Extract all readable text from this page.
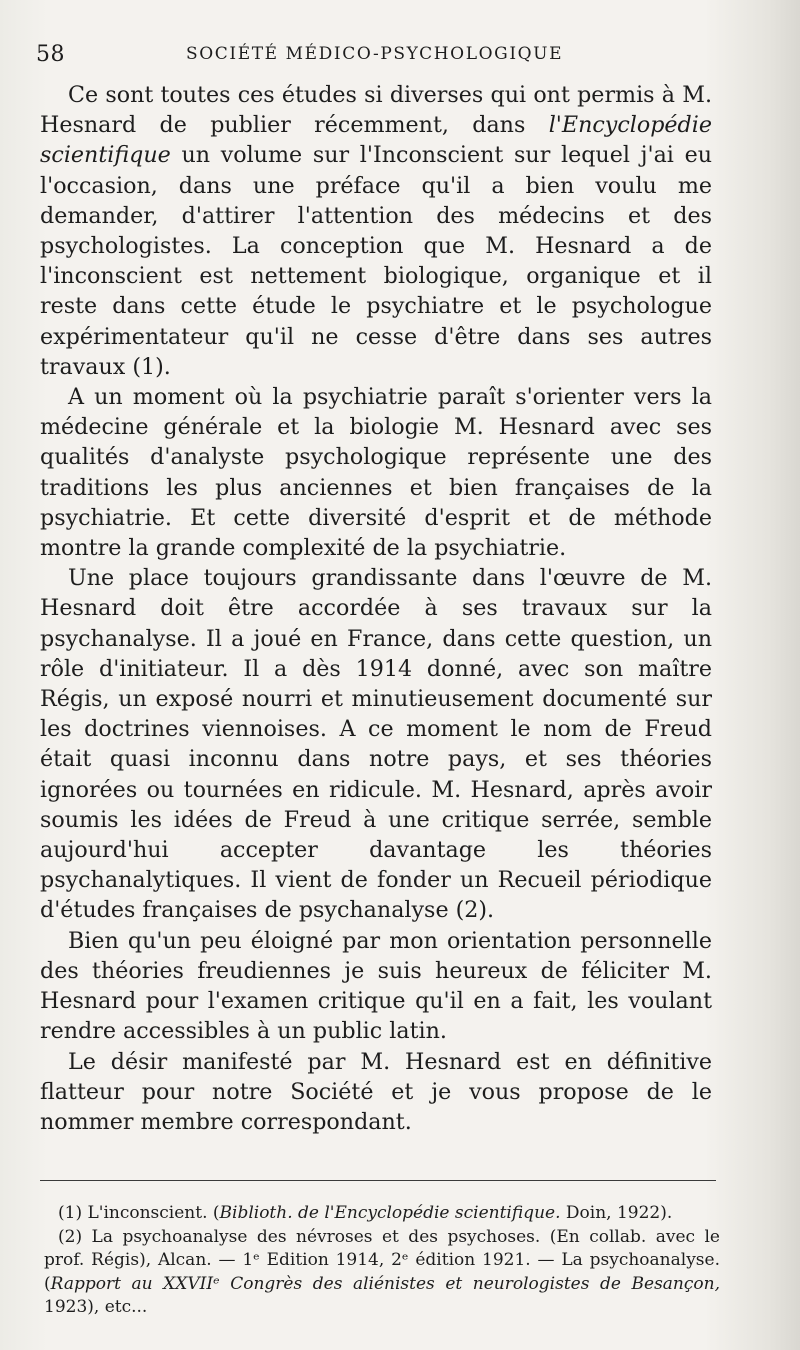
58	SOCIÉTÉ MÉDICO-PSYCHOLOGIQUE

Ce sont toutes ces études si diverses qui ont permis à M. Hesnard de publier récemment, dans l'Encyclopédie scientifique un volume sur l'Inconscient sur lequel j'ai eu l'occasion, dans une préface qu'il a bien voulu me demander, d'attirer l'attention des médecins et des psychologistes. La conception que M. Hesnard a de l'inconscient est nettement biologique, organique et il reste dans cette étude le psychiatre et le psychologue expérimentateur qu'il ne cesse d'être dans ses autres travaux (1).

A un moment où la psychiatrie paraît s'orienter vers la médecine générale et la biologie M. Hesnard avec ses qualités d'analyste psychologique représente une des traditions les plus anciennes et bien françaises de la psychiatrie. Et cette diversité d'esprit et de méthode montre la grande complexité de la psychiatrie.

Une place toujours grandissante dans l'œuvre de M. Hesnard doit être accordée à ses travaux sur la psychanalyse. Il a joué en France, dans cette question, un rôle d'initiateur. Il a dès 1914 donné, avec son maître Régis, un exposé nourri et minutieusement documenté sur les doctrines viennoises. A ce moment le nom de Freud était quasi inconnu dans notre pays, et ses théories ignorées ou tournées en ridicule. M. Hesnard, après avoir soumis les idées de Freud à une critique serrée, semble aujourd'hui accepter davantage les théories psychanalytiques. Il vient de fonder un Recueil périodique d'études françaises de psychanalyse (2).

Bien qu'un peu éloigné par mon orientation personnelle des théories freudiennes je suis heureux de féliciter M. Hesnard pour l'examen critique qu'il en a fait, les voulant rendre accessibles à un public latin.

Le désir manifesté par M. Hesnard est en définitive flatteur pour notre Société et je vous propose de le nommer membre correspondant.

(1) L'inconscient. (Biblioth. de l'Encyclopédie scientifique. Doin, 1922).

(2) La psychoanalyse des névroses et des psychoses. (En collab. avec le prof. Régis), Alcan. — 1ᵉ Edition 1914, 2ᵉ édition 1921. — La psychoanalyse. (Rapport au XXVIIᵉ Congrès des aliénistes et neurologistes de Besançon, 1923), etc...
